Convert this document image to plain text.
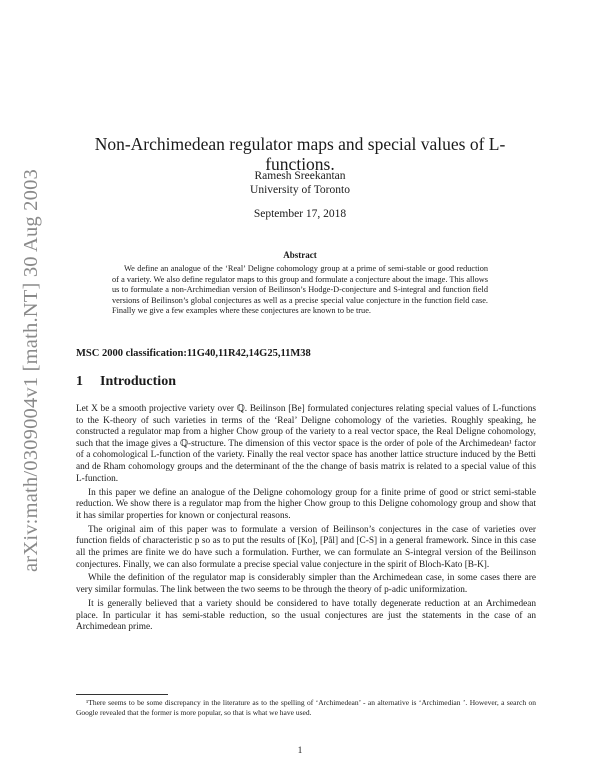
arXiv:math/0309004v1 [math.NT] 30 Aug 2003
Non-Archimedean regulator maps and special values of L-functions.
Ramesh Sreekantan
University of Toronto
September 17, 2018
Abstract
We define an analogue of the ‘Real’ Deligne cohomology group at a prime of semi-stable or good reduction of a variety. We also define regulator maps to this group and formulate a conjecture about the image. This allows us to formulate a non-Archimedian version of Beilinson’s Hodge-D-conjecture and S-integral and function field versions of Beilinson’s global conjectures as well as a precise special value conjecture in the function field case. Finally we give a few examples where these conjectures are known to be true.
MSC 2000 classification:11G40,11R42,14G25,11M38
1 Introduction

Let X be a smooth projective variety over ℚ. Beilinson [Be] formulated conjectures relating special values of L-functions to the K-theory of such varieties in terms of the ‘Real’ Deligne cohomology of the varieties. Roughly speaking, he constructed a regulator map from a higher Chow group of the variety to a real vector space, the Real Deligne cohomology, such that the image gives a ℚ-structure. The dimension of this vector space is the order of pole of the Archimedean¹ factor of a cohomological L-function of the variety. Finally the real vector space has another lattice structure induced by the Betti and de Rham cohomology groups and the determinant of the the change of basis matrix is related to a special value of this L-function.

In this paper we define an analogue of the Deligne cohomology group for a finite prime of good or strict semi-stable reduction. We show there is a regulator map from the higher Chow group to this Deligne cohomology group and show that it has similar properties for known or conjectural reasons.

The original aim of this paper was to formulate a version of Beilinson’s conjectures in the case of varieties over function fields of characteristic p so as to put the results of [Ko], [Pål] and [C-S] in a general framework. Since in this case all the primes are finite we do have such a formulation. Further, we can formulate an S-integral version of the Beilinson conjectures. Finally, we can also formulate a precise special value conjecture in the spirit of Bloch-Kato [B-K].

While the definition of the regulator map is considerably simpler than the Archimedean case, in some cases there are very similar formulas. The link between the two seems to be through the theory of p-adic uniformization.

It is generally believed that a variety should be considered to have totally degenerate reduction at an Archimedean place. In particular it has semi-stable reduction, so the usual conjectures are just the statements in the case of an Archimedean prime.

¹There seems to be some discrepancy in the literature as to the spelling of ‘Archimedean’ - an alternative is ‘Archimedian ’. However, a search on Google revealed that the former is more popular, so that is what we have used.
1
